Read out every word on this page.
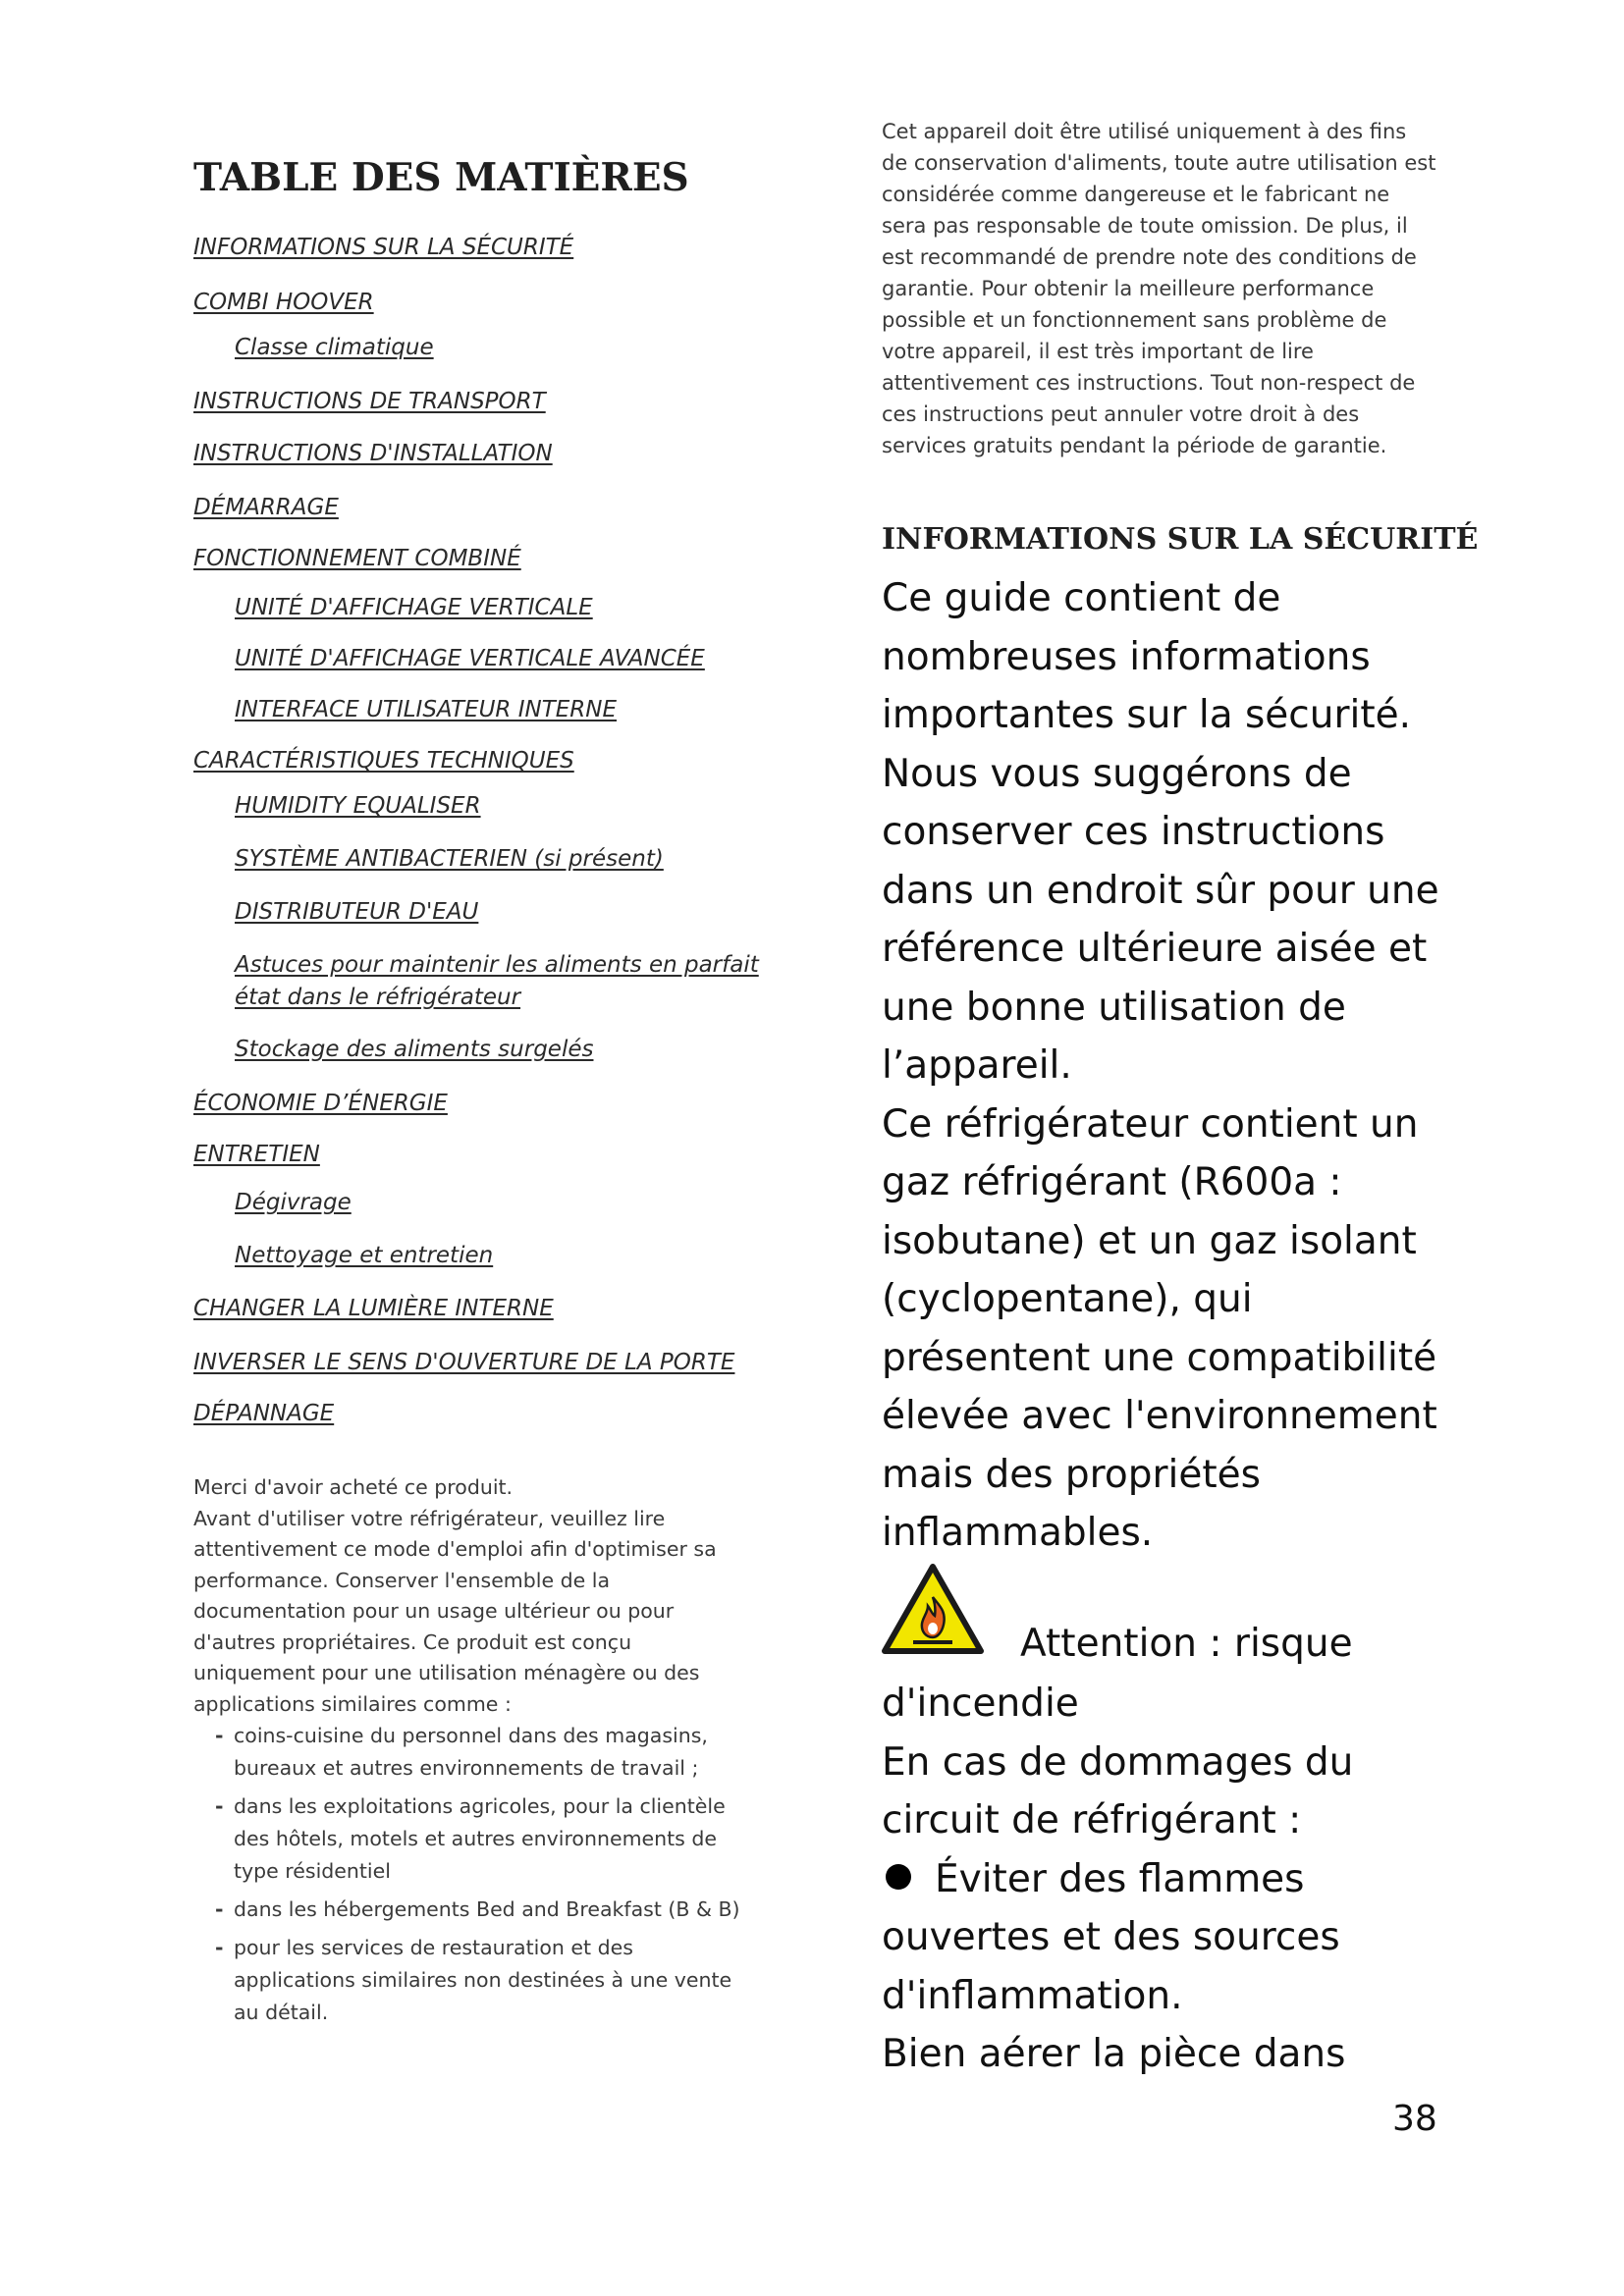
TABLE DES MATIÈRES
INFORMATIONS SUR LA SÉCURITÉ
COMBI HOOVER
Classe climatique
INSTRUCTIONS DE TRANSPORT
INSTRUCTIONS D'INSTALLATION
DÉMARRAGE
FONCTIONNEMENT COMBINÉ
UNITÉ D'AFFICHAGE VERTICALE
UNITÉ D'AFFICHAGE VERTICALE AVANCÉE
INTERFACE UTILISATEUR INTERNE
CARACTÉRISTIQUES TECHNIQUES
HUMIDITY EQUALISER
SYSTÈME ANTIBACTERIEN (si présent)
DISTRIBUTEUR D'EAU
Astuces pour maintenir les aliments en parfait état dans le réfrigérateur
Stockage des aliments surgelés
ÉCONOMIE D’ÉNERGIE
ENTRETIEN
Dégivrage
Nettoyage et entretien
CHANGER LA LUMIÈRE INTERNE
INVERSER LE SENS D'OUVERTURE DE LA PORTE
DÉPANNAGE

Merci d'avoir acheté ce produit.

Avant d'utiliser votre réfrigérateur, veuillez lire attentivement ce mode d'emploi afin d'optimiser sa performance. Conserver l'ensemble de la documentation pour un usage ultérieur ou pour d'autres propriétaires. Ce produit est conçu uniquement pour une utilisation ménagère ou des applications similaires comme :

- coins-cuisine du personnel dans des magasins, bureaux et autres environnements de travail ;
- dans les exploitations agricoles, pour la clientèle des hôtels, motels et autres environnements de type résidentiel
- dans les hébergements Bed and Breakfast (B & B)
- pour les services de restauration et des applications similaires non destinées à une vente au détail.

Cet appareil doit être utilisé uniquement à des fins de conservation d'aliments, toute autre utilisation est considérée comme dangereuse et le fabricant ne sera pas responsable de toute omission. De plus, il est recommandé de prendre note des conditions de garantie. Pour obtenir la meilleure performance possible et un fonctionnement sans problème de votre appareil, il est très important de lire attentivement ces instructions. Tout non-respect de ces instructions peut annuler votre droit à des services gratuits pendant la période de garantie.

INFORMATIONS SUR LA SÉCURITÉ
Ce guide contient de nombreuses informations importantes sur la sécurité. Nous vous suggérons de conserver ces instructions dans un endroit sûr pour une référence ultérieure aisée et une bonne utilisation de l’appareil.
Ce réfrigérateur contient un gaz réfrigérant (R600a : isobutane) et un gaz isolant (cyclopentane), qui présentent une compatibilité élevée avec l'environnement mais des propriétés inflammables.
Attention : risque
d'incendie
En cas de dommages du circuit de réfrigérant :
Éviter des flammes ouvertes et des sources d'inflammation.
Bien aérer la pièce dans

38
